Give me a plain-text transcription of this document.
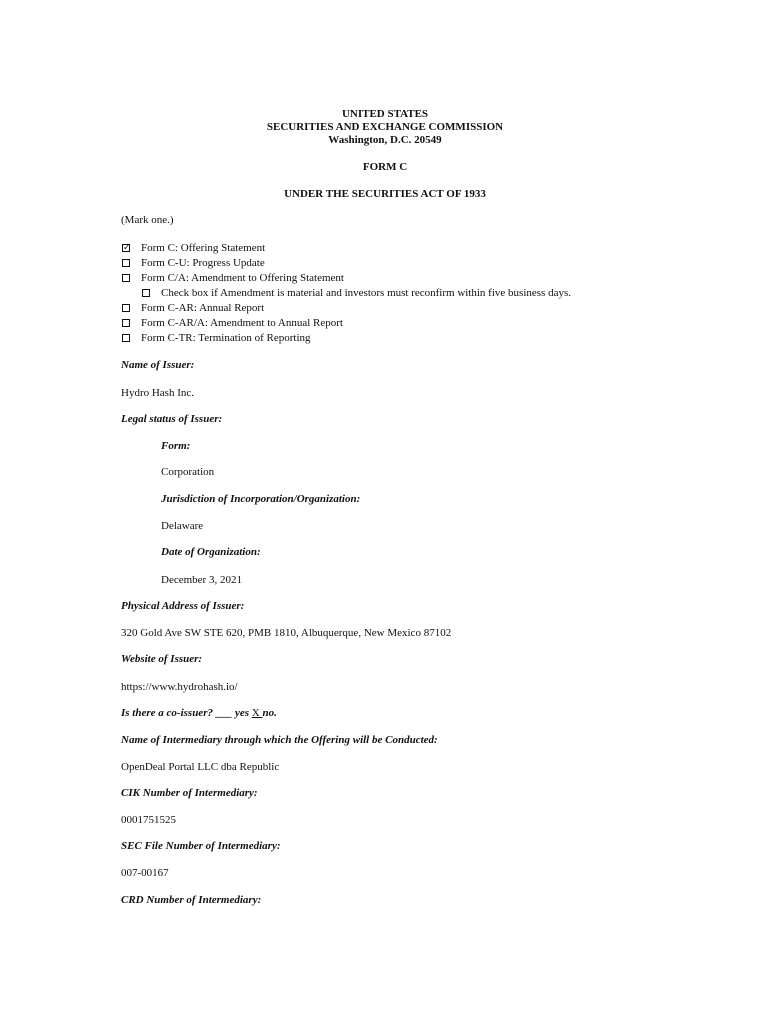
UNITED STATES
SECURITIES AND EXCHANGE COMMISSION
Washington, D.C. 20549
FORM C
UNDER THE SECURITIES ACT OF 1933
(Mark one.)
✓ Form C: Offering Statement
Form C-U: Progress Update
Form C/A: Amendment to Offering Statement
Check box if Amendment is material and investors must reconfirm within five business days.
Form C-AR: Annual Report
Form C-AR/A: Amendment to Annual Report
Form C-TR: Termination of Reporting
Name of Issuer:
Hydro Hash Inc.
Legal status of Issuer:
Form:
Corporation
Jurisdiction of Incorporation/Organization:
Delaware
Date of Organization:
December 3, 2021
Physical Address of Issuer:
320 Gold Ave SW STE 620, PMB 1810, Albuquerque, New Mexico 87102
Website of Issuer:
https://www.hydrohash.io/
Is there a co-issuer? ___ yes X no.
Name of Intermediary through which the Offering will be Conducted:
OpenDeal Portal LLC dba Republic
CIK Number of Intermediary:
0001751525
SEC File Number of Intermediary:
007-00167
CRD Number of Intermediary:
